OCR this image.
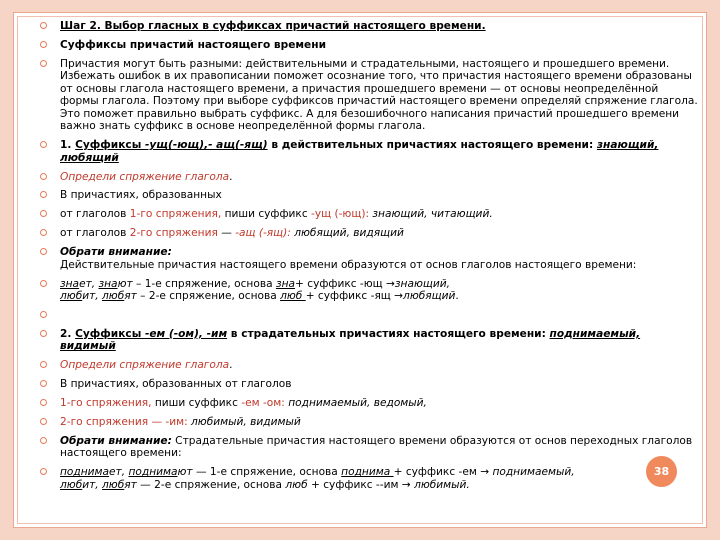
Шаг 2. Выбор гласных в суффиксах причастий настоящего времени.
Суффиксы причастий настоящего времени
Причастия могут быть разными: действительными и страдательными, настоящего и прошедшего времени.
Избежать ошибок в их правописании поможет осознание того, что причастия настоящего времени образованы от основы глагола настоящего времени, а причастия прошедшего времени — от основы неопределённой формы глагола. Поэтому при выборе суффиксов причастий настоящего времени определяй спряжение глагола. Это поможет правильно выбрать суффикс. А для безошибочного написания причастий прошедшего времени важно знать суффикс в основе неопределённой формы глагола.
1. Суффиксы -ущ(-ющ),- ащ(-ящ) в действительных причастиях настоящего времени: знающий, любящий
Определи спряжение глагола.
В причастиях, образованных
от глаголов 1-го спряжения, пиши суффикс -ущ (-ющ): знающий, читающий.
от глаголов 2-го спряжения — -ащ (-ящ): любящий, видящий
Обрати внимание:
Действительные причастия настоящего времени образуются от основ глаголов настоящего времени:
знает, знают – 1-е спряжение, основа зна+ суффикс -ющ →знающий,
любит, любят – 2-е спряжение, основа люб + суффикс -ящ →любящий.

2. Суффиксы -ем (-ом), -им в страдательных причастиях настоящего времени: поднимаемый, видимый
Определи спряжение глагола.
В причастиях, образованных от глаголов
1-го спряжения, пиши суффикс -ем -ом: поднимаемый, ведомый,
2-го спряжения — -им: любимый, видимый
Обрати внимание: Страдательные причастия настоящего времени образуются от основ переходных глаголов настоящего времени:
поднимает, поднимают — 1-е спряжение, основа поднима + суффикс -ем → поднимаемый,
любит, любят — 2-е спряжение, основа люб + суффикс --им → любимый.
38
